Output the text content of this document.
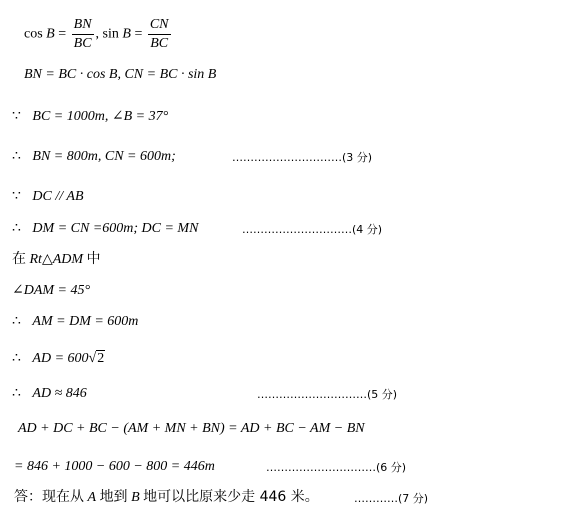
$\cos B = \frac{BN}{BC}$ , $\sin B = \frac{CN}{BC}$
BN = BC · cos B, CN = BC · sin B
∵ BC = 1000m, ∠B = 37°
∴ BN = 800m, CN = 600m;	…………………………(3 分)
∵ DC // AB
∴ DM = CN =600m; DC = MN	…………………………(4 分)
在 Rt△ADM 中
∠DAM = 45°
∴ AM = DM = 600m
∴ AD = 600√2
∴ AD ≈ 846	…………………………(5 分)
AD + DC + BC − (AM + MN + BN) = AD + BC − AM − BN
= 846 + 1000 − 600 − 800 = 446m	…………………………(6 分)
答：现在从 A 地到 B 地可以比原来少走 446 米。	…………(7 分)
